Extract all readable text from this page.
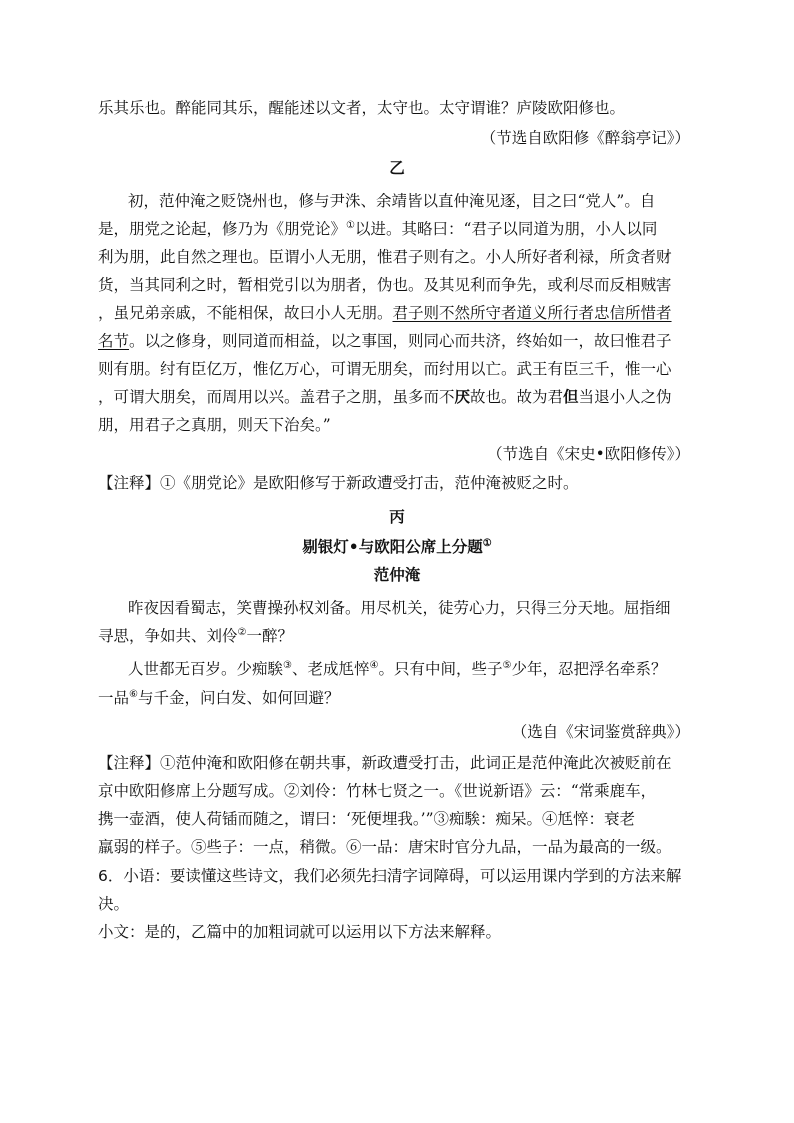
乐其乐也。醉能同其乐，醒能述以文者，太守也。太守谓谁？庐陵欧阳修也。
（节选自欧阳修《醉翁亭记》）
乙
初，范仲淹之贬饶州也，修与尹洙、余靖皆以直仲淹见逐，目之曰“党人”。自
是，朋党之论起，修乃为《朋党论》①以进。其略曰：“君子以同道为朋，小人以同
利为朋，此自然之理也。臣谓小人无朋，惟君子则有之。小人所好者利禄，所贪者财
货，当其同利之时，暂相党引以为朋者，伪也。及其见利而争先，或利尽而反相贼害
，虽兄弟亲戚，不能相保，故曰小人无朋。君子则不然所守者道义所行者忠信所惜者
名节。以之修身，则同道而相益，以之事国，则同心而共济，终始如一，故曰惟君子
则有朋。纣有臣亿万，惟亿万心，可谓无朋矣，而纣用以亡。武王有臣三千，惟一心
，可谓大朋矣，而周用以兴。盖君子之朋，虽多而不厌故也。故为君但当退小人之伪
朋，用君子之真朋，则天下治矣。”
（节选自《宋史•欧阳修传》）
【注释】①《朋党论》是欧阳修写于新政遭受打击，范仲淹被贬之时。
丙
剔银灯•与欧阳公席上分题①
范仲淹
昨夜因看蜀志，笑曹操孙权刘备。用尽机关，徒劳心力，只得三分天地。屈指细
寻思，争如共、刘伶②一醉？
人世都无百岁。少痴騃③、老成尪悴④。只有中间，些子⑤少年，忍把浮名牵系？
一品⑥与千金，问白发、如何回避？
（选自《宋词鉴赏辞典》）
【注释】①范仲淹和欧阳修在朝共事，新政遭受打击，此词正是范仲淹此次被贬前在
京中欧阳修席上分题写成。②刘伶：竹林七贤之一。《世说新语》云：“常乘鹿车，
携一壶酒，使人荷锸而随之，谓曰：‘死便埋我。’”③痴騃：痴呆。④尪悴：衰老
羸弱的样子。⑤些子：一点，稍微。⑥一品：唐宋时官分九品，一品为最高的一级。
6．小语：要读懂这些诗文，我们必须先扫清字词障碍，可以运用课内学到的方法来解
决。
小文：是的，乙篇中的加粗词就可以运用以下方法来解释。
